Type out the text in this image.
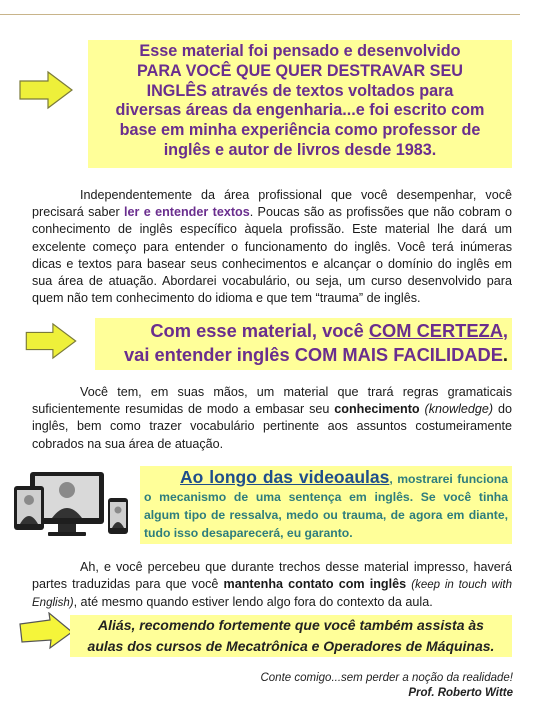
Esse material foi pensado e desenvolvido
PARA VOCÊ QUE QUER DESTRAVAR SEU
INGLÊS através de textos voltados para
diversas áreas da engenharia...e foi escrito com
base em minha experiência como professor de
inglês e autor de livros desde 1983.

Independentemente da área profissional que você desempenhar, você precisará saber ler e entender textos. Poucas são as profissões que não cobram o conhecimento de inglês específico àquela profissão. Este material lhe dará um excelente começo para entender o funcionamento do inglês. Você terá inúmeras dicas e textos para basear seus conhecimentos e alcançar o domínio do inglês em sua área de atuação. Abordarei vocabulário, ou seja, um curso desenvolvido para quem não tem conhecimento do idioma e que tem “trauma” de inglês.

Com esse material, você COM CERTEZA,
vai entender inglês COM MAIS FACILIDADE.

Você tem, em suas mãos, um material que trará regras gramaticais suficientemente resumidas de modo a embasar seu conhecimento (knowledge) do inglês, bem como trazer vocabulário pertinente aos assuntos costumeiramente cobrados na sua área de atuação.

Ao longo das videoaulas, mostrarei funciona o mecanismo de uma sentença em inglês. Se você tinha algum tipo de ressalva, medo ou trauma, de agora em diante, tudo isso desaparecerá, eu garanto.

Ah, e você percebeu que durante trechos desse material impresso, haverá partes traduzidas para que você mantenha contato com inglês (keep in touch with English), até mesmo quando estiver lendo algo fora do contexto da aula.

Aliás, recomendo fortemente que você também assista às
aulas dos cursos de Mecatrônica e Operadores de Máquinas.
Conte comigo...sem perder a noção da realidade!
Prof. Roberto Witte
